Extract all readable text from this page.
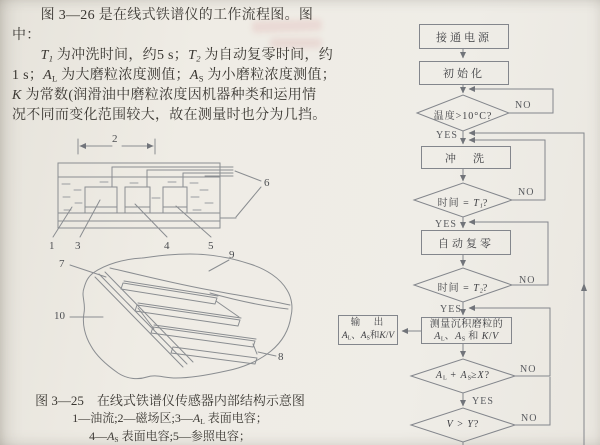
　　图 3—26 是在线式铁谱仪的工作流程图。图
中：
　　$T_1$ 为冲洗时间，约5 s；$T_2$ 为自动复零时间，约
1 s；$A_L$ 为大磨粒浓度测值；$A_S$ 为小磨粒浓度测值；
K 为常数(润滑油中磨粒浓度因机器种类和运用情
况不同而变化范围较大，故在测量时也分为几挡。
2
1 3	4	5
6
7
9
10
8
图 3—25　在线式铁谱仪传感器内部结构示意图
1—油流;2—磁场区$;3—A_L$ 表面电容；
$4—A_S$ 表面电容;5—参照电容；
接通电源
初始化
冲　洗
自动复零
测量沉积磨粒的
$A_L$、$A_S$ 和 K/V
输　出
$A_L$、$A_S$和K/V
温度>10°C?
时间 = $T_1$?
时间 = $T_2$?
$A_L + A_S\ge X$?
V > Y?
NO
YES
NO
YES
NO
YES
NO
YES
NO
